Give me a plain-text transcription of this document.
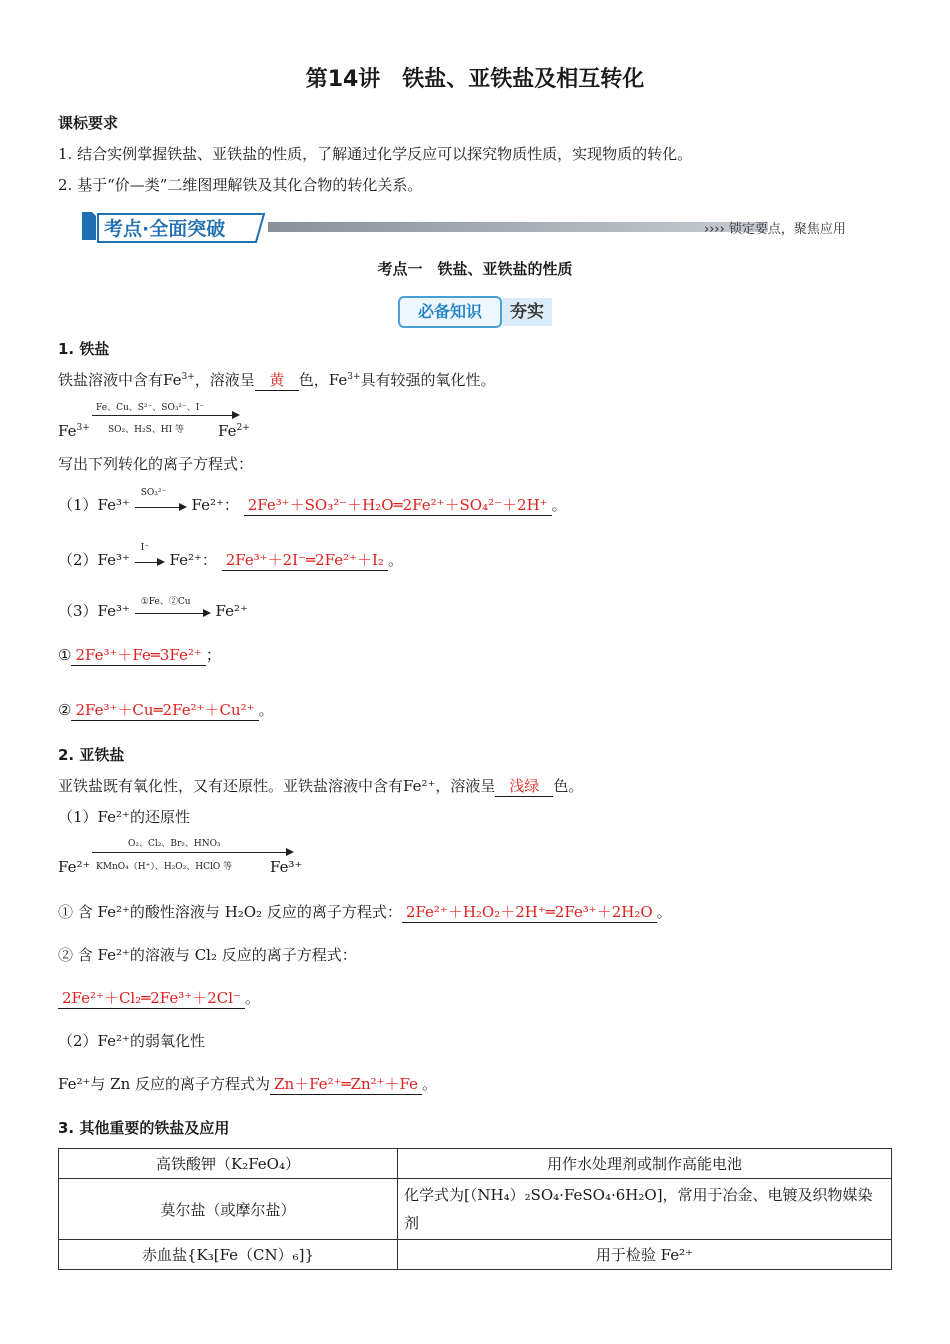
第14讲　铁盐、亚铁盐及相互转化
课标要求
1. 结合实例掌握铁盐、亚铁盐的性质，了解通过化学反应可以探究物质性质，实现物质的转化。
2. 基于“价—类”二维图理解铁及其化合物的转化关系。
考点·全面突破	›››› 锁定要点，聚焦应用
考点一　铁盐、亚铁盐的性质
必备知识	夯实
1. 铁盐
铁盐溶液中含有$Fe^{3+}$，溶液呈 黄 色，$Fe^{3+}$具有较强的氧化性。
$Fe^{3+}$
Fe、Cu、S²⁻、SO₃²⁻、I⁻
SO₂、H₂S、HI 等 $Fe^{2+}$
写出下列转化的离子方程式：
（1）Fe³⁺
SO₃²⁻
Fe²⁺： 2Fe³⁺＋SO₃²⁻＋H₂O═2Fe²⁺＋SO₄²⁻＋2H⁺ 。
（2）Fe³⁺
I⁻
Fe²⁺： 2Fe³⁺＋2I⁻═2Fe²⁺＋I₂ 。
（3）Fe³⁺ ①Fe、②Cu Fe²⁺
① 2Fe³⁺＋Fe═3Fe²⁺ ；
② 2Fe³⁺＋Cu═2Fe²⁺＋Cu²⁺ 。
2. 亚铁盐
亚铁盐既有氧化性，又有还原性。亚铁盐溶液中含有Fe²⁺，溶液呈 浅绿 色。
（1）Fe²⁺的还原性
Fe²⁺
O₂、Cl₂、Br₂、HNO₃
KMnO₄（H⁺）、H₂O₂、HClO 等	Fe³⁺
① 含 Fe²⁺的酸性溶液与 H₂O₂ 反应的离子方程式： 2Fe²⁺＋H₂O₂＋2H⁺═2Fe³⁺＋2H₂O 。
② 含 Fe²⁺的溶液与 Cl₂ 反应的离子方程式：
2Fe²⁺＋Cl₂═2Fe³⁺＋2Cl⁻ 。
（2）Fe²⁺的弱氧化性
Fe²⁺与 Zn 反应的离子方程式为 Zn＋Fe²⁺═Zn²⁺＋Fe 。
3. 其他重要的铁盐及应用
高铁酸钾（K₂FeO₄）	用作水处理剂或制作高能电池
莫尔盐（或摩尔盐）	化学式为[（NH₄）₂SO₄·FeSO₄·6H₂O]，常用于冶金、电镀及织物媒染剂
赤血盐{K₃[Fe（CN）₆]}	用于检验 Fe²⁺
